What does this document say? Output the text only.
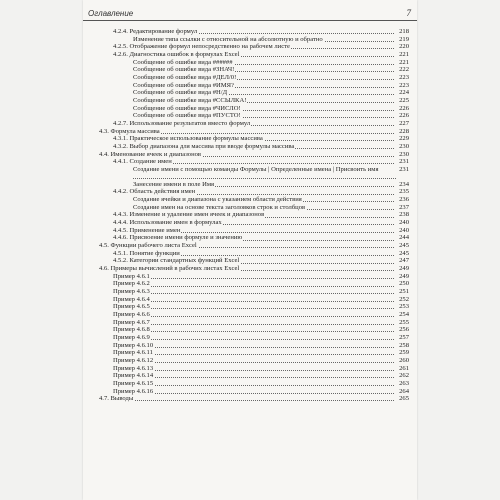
Оглавление	7
4.2.4. Редактирование формул	218
Изменение типа ссылки с относительной на абсолютную и обратно	219
4.2.5. Отображение формул непосредственно на рабочем листе	220
4.2.6. Диагностика ошибок в формулах Excel	221
Сообщение об ошибке вида ######	221
Сообщение об ошибке вида #ЗНАЧ!	222
Сообщение об ошибке вида #ДЕЛ/0!	223
Сообщение об ошибке вида #ИМЯ?	223
Сообщение об ошибке вида #Н/Д	224
Сообщение об ошибке вида #ССЫЛКА!	225
Сообщение об ошибке вида #ЧИСЛО!	226
Сообщение об ошибке вида #ПУСТО!	226
4.2.7. Использование результатов вместо формул	227
4.3. Формула массива	228
4.3.1. Практическое использование формулы массива	229
4.3.2. Выбор диапазона для массива при вводе формулы массива	230
4.4. Именование ячеек и диапазонов	230
4.4.1. Создание имен	231
Создание имени с помощью команды Формулы | Определенные имена | Присвоить имя	231
Занесение имени в поле Имя	234
4.4.2. Область действия имен	235
Создание ячейки и диапазона с указанием области действия	236
Создание имен на основе текста заголовков строк и столбцов	237
4.4.3. Изменение и удаление имен ячеек и диапазонов	238
4.4.4. Использование имен в формулах	240
4.4.5. Применение имен	240
4.4.6. Присвоение имени формуле и значению	244
4.5. Функции рабочего листа Excel	245
4.5.1. Понятие функции	245
4.5.2. Категории стандартных функций Excel	247
4.6. Примеры вычислений в рабочих листах Excel	249
Пример 4.6.1	249
Пример 4.6.2	250
Пример 4.6.3	251
Пример 4.6.4	252
Пример 4.6.5	253
Пример 4.6.6	254
Пример 4.6.7	255
Пример 4.6.8	256
Пример 4.6.9	257
Пример 4.6.10	258
Пример 4.6.11	259
Пример 4.6.12	260
Пример 4.6.13	261
Пример 4.6.14	262
Пример 4.6.15	263
Пример 4.6.16	264
4.7. Выводы	265
